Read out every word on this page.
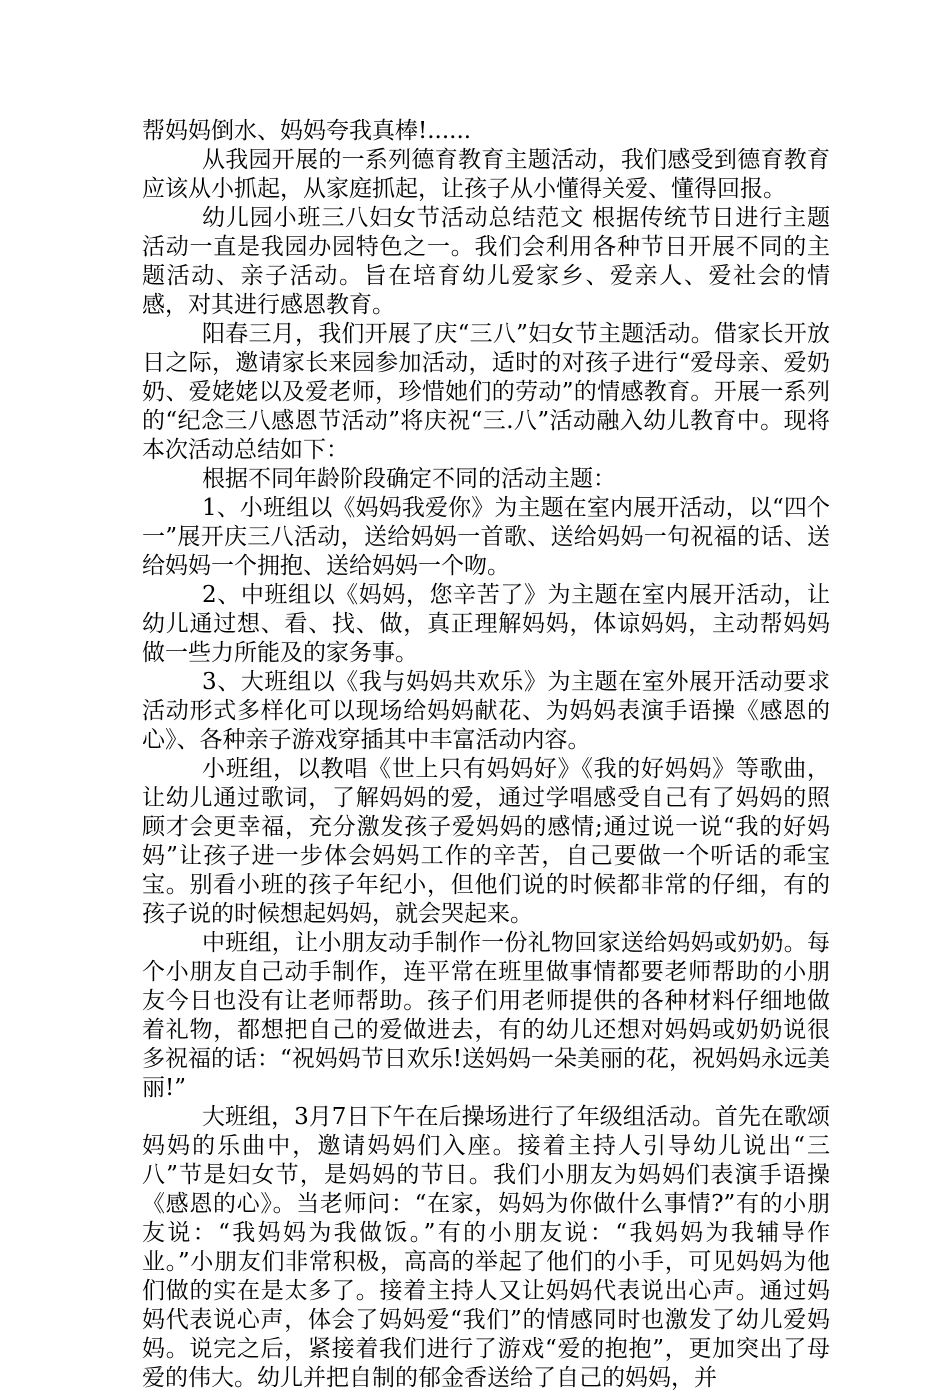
帮妈妈倒水、妈妈夸我真棒!......

从我园开展的一系列德育教育主题活动，我们感受到德育教育应该从小抓起，从家庭抓起，让孩子从小懂得关爱、懂得回报。

幼儿园小班三八妇女节活动总结范文 根据传统节日进行主题活动一直是我园办园特色之一。我们会利用各种节日开展不同的主题活动、亲子活动。旨在培育幼儿爱家乡、爱亲人、爱社会的情感，对其进行感恩教育。

阳春三月，我们开展了庆“三八”妇女节主题活动。借家长开放日之际，邀请家长来园参加活动，适时的对孩子进行“爱母亲、爱奶奶、爱姥姥以及爱老师，珍惜她们的劳动”的情感教育。开展一系列的“纪念三八感恩节活动”将庆祝“三.八”活动融入幼儿教育中。现将本次活动总结如下：

根据不同年龄阶段确定不同的活动主题：

1、小班组以《妈妈我爱你》为主题在室内展开活动，以“四个一”展开庆三八活动，送给妈妈一首歌、送给妈妈一句祝福的话、送给妈妈一个拥抱、送给妈妈一个吻。

2、中班组以《妈妈，您辛苦了》为主题在室内展开活动，让幼儿通过想、看、找、做，真正理解妈妈，体谅妈妈，主动帮妈妈做一些力所能及的家务事。

3、大班组以《我与妈妈共欢乐》为主题在室外展开活动要求活动形式多样化可以现场给妈妈献花、为妈妈表演手语操《感恩的心》、各种亲子游戏穿插其中丰富活动内容。

小班组，以教唱《世上只有妈妈好》《我的好妈妈》等歌曲，让幼儿通过歌词，了解妈妈的爱，通过学唱感受自己有了妈妈的照顾才会更幸福，充分激发孩子爱妈妈的感情;通过说一说“我的好妈妈”让孩子进一步体会妈妈工作的辛苦，自己要做一个听话的乖宝宝。别看小班的孩子年纪小，但他们说的时候都非常的仔细，有的孩子说的时候想起妈妈，就会哭起来。

中班组，让小朋友动手制作一份礼物回家送给妈妈或奶奶。每个小朋友自己动手制作，连平常在班里做事情都要老师帮助的小朋友今日也没有让老师帮助。孩子们用老师提供的各种材料仔细地做着礼物，都想把自己的爱做进去，有的幼儿还想对妈妈或奶奶说很多祝福的话：“祝妈妈节日欢乐!送妈妈一朵美丽的花，祝妈妈永远美丽!”

大班组，3月7日下午在后操场进行了年级组活动。首先在歌颂妈妈的乐曲中，邀请妈妈们入座。接着主持人引导幼儿说出“三八”节是妇女节，是妈妈的节日。我们小朋友为妈妈们表演手语操《感恩的心》。当老师问：“在家，妈妈为你做什么事情?”有的小朋友说：“我妈妈为我做饭。”有的小朋友说：“我妈妈为我辅导作业。”小朋友们非常积极，高高的举起了他们的小手，可见妈妈为他们做的实在是太多了。接着主持人又让妈妈代表说出心声。通过妈妈代表说心声，体会了妈妈爱“我们”的情感同时也激发了幼儿爱妈妈。说完之后，紧接着我们进行了游戏“爱的抱抱”，更加突出了母爱的伟大。幼儿并把自制的郁金香送给了自己的妈妈，并
